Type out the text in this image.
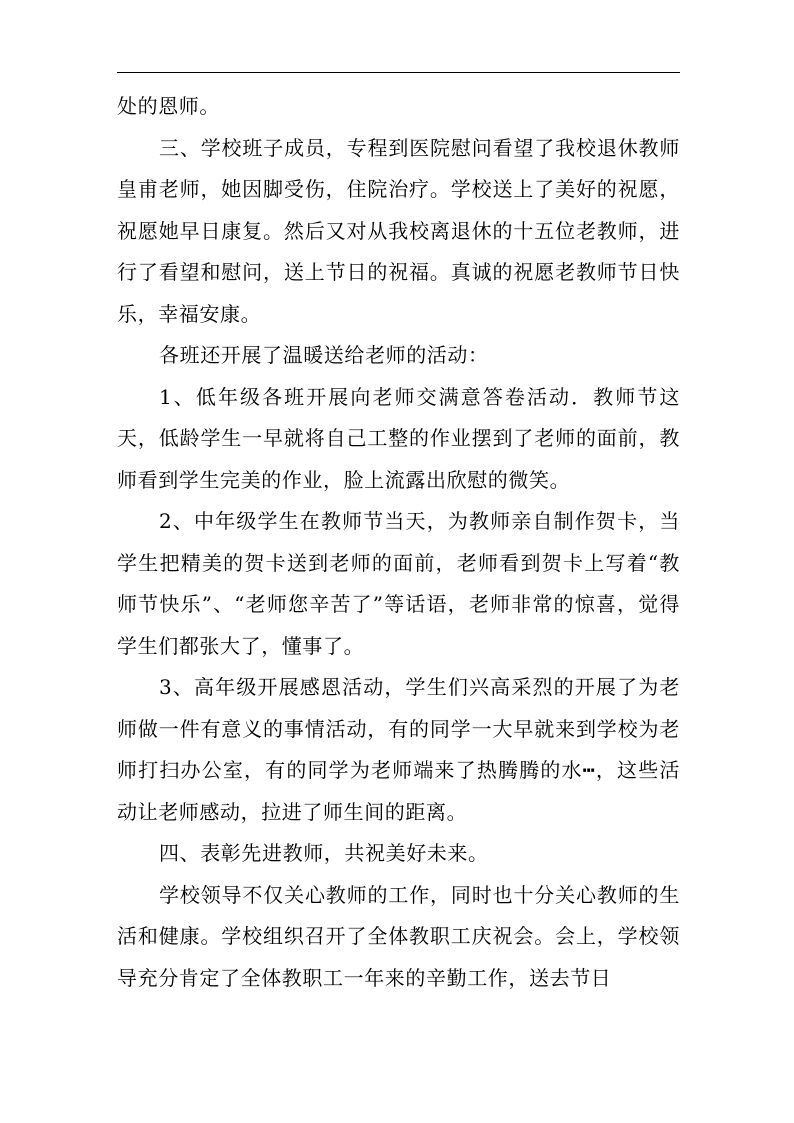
处的恩师。

三、学校班子成员，专程到医院慰问看望了我校退休教师皇甫老师，她因脚受伤，住院治疗。学校送上了美好的祝愿，祝愿她早日康复。然后又对从我校离退休的十五位老教师，进行了看望和慰问，送上节日的祝福。真诚的祝愿老教师节日快乐，幸福安康。

各班还开展了温暖送给老师的活动：

1、低年级各班开展向老师交满意答卷活动．教师节这天，低龄学生一早就将自己工整的作业摆到了老师的面前，教师看到学生完美的作业，脸上流露出欣慰的微笑。

2、中年级学生在教师节当天，为教师亲自制作贺卡，当学生把精美的贺卡送到老师的面前，老师看到贺卡上写着“教师节快乐”、“老师您辛苦了”等话语，老师非常的惊喜，觉得学生们都张大了，懂事了。

3、高年级开展感恩活动，学生们兴高采烈的开展了为老师做一件有意义的事情活动，有的同学一大早就来到学校为老师打扫办公室，有的同学为老师端来了热腾腾的水┅，这些活动让老师感动，拉进了师生间的距离。

四、表彰先进教师，共祝美好未来。

学校领导不仅关心教师的工作，同时也十分关心教师的生活和健康。学校组织召开了全体教职工庆祝会。会上，学校领导充分肯定了全体教职工一年来的辛勤工作，送去节日
